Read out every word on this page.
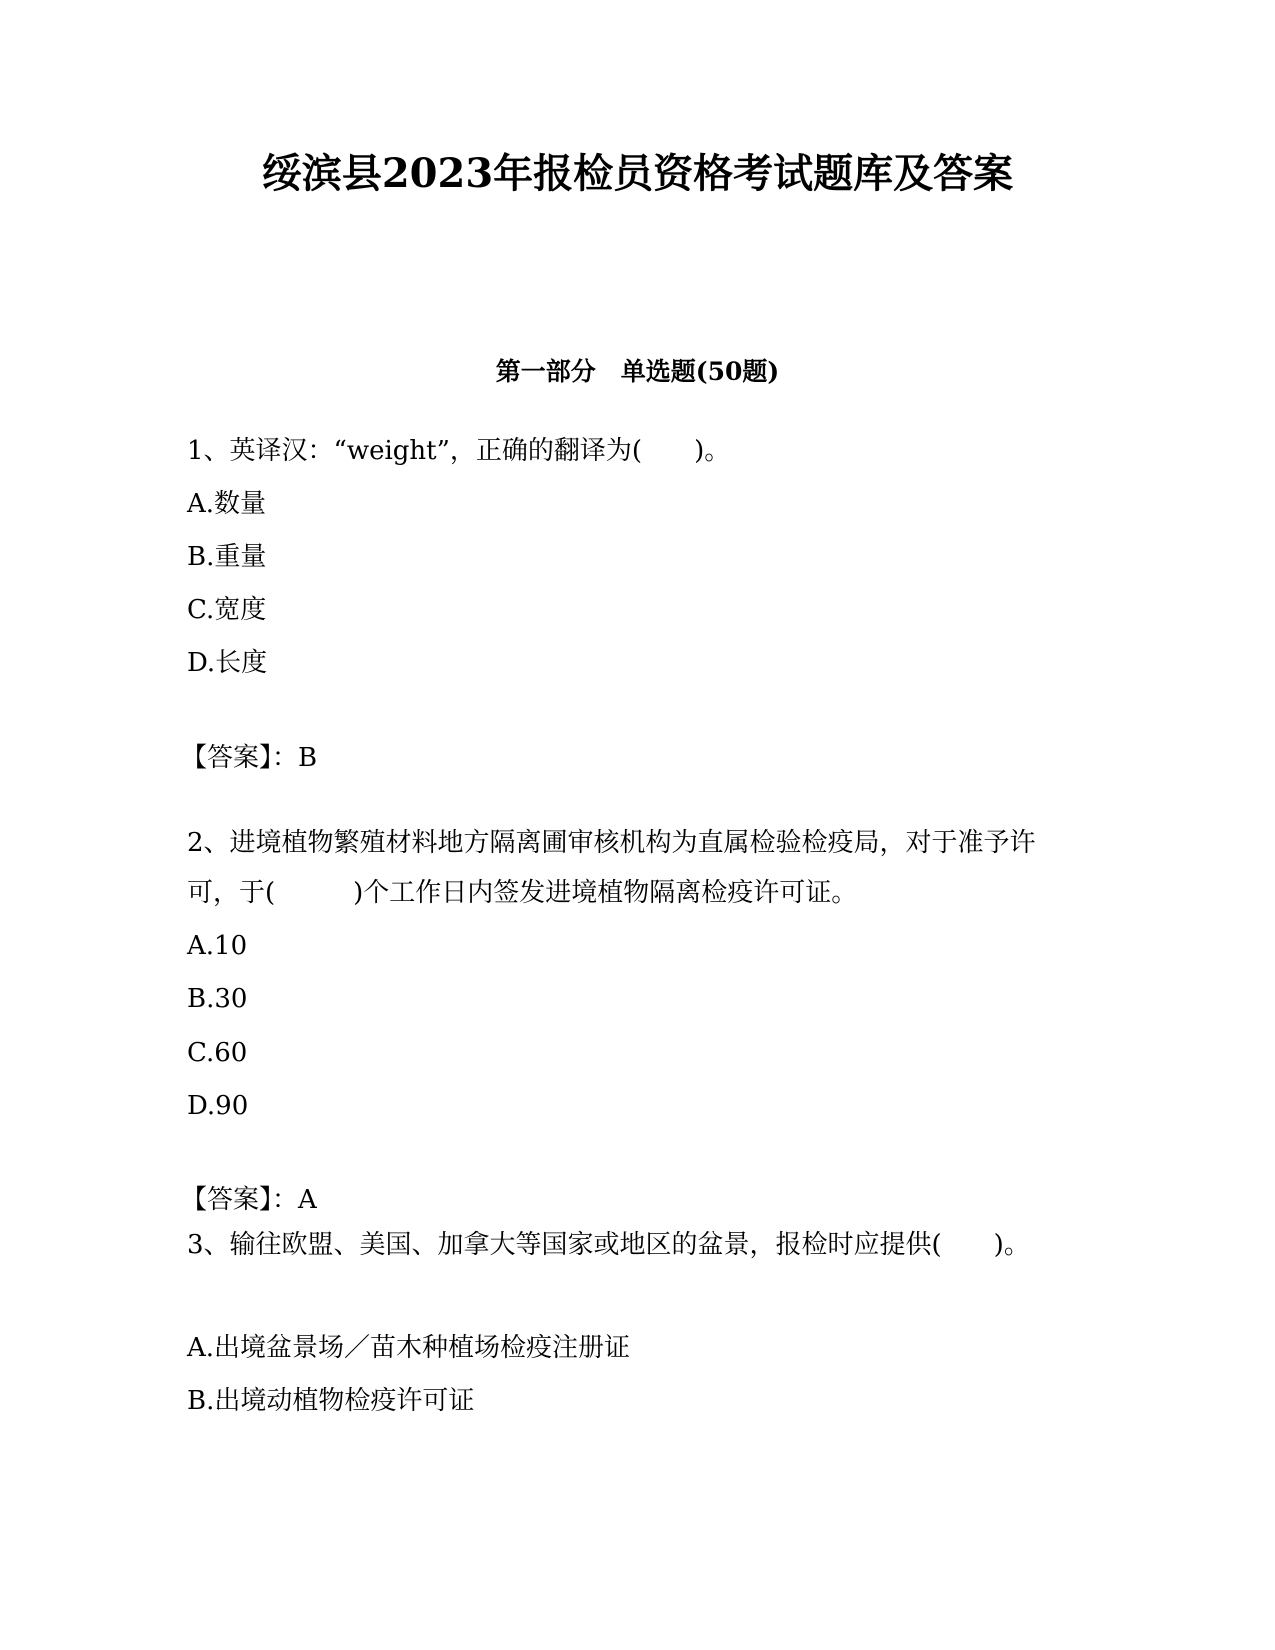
绥滨县2023年报检员资格考试题库及答案
第一部分　单选题(50题)
1、英译汉：“weight”，正确的翻译为(　　)。
A.数量
B.重量
C.宽度
D.长度
【答案】：B
2、进境植物繁殖材料地方隔离圃审核机构为直属检验检疫局，对于准予许可，于(　　　)个工作日内签发进境植物隔离检疫许可证。
A.10
B.30
C.60
D.90
【答案】：A
3、输往欧盟、美国、加拿大等国家或地区的盆景，报检时应提供(　　)。
A.出境盆景场／苗木种植场检疫注册证
B.出境动植物检疫许可证
